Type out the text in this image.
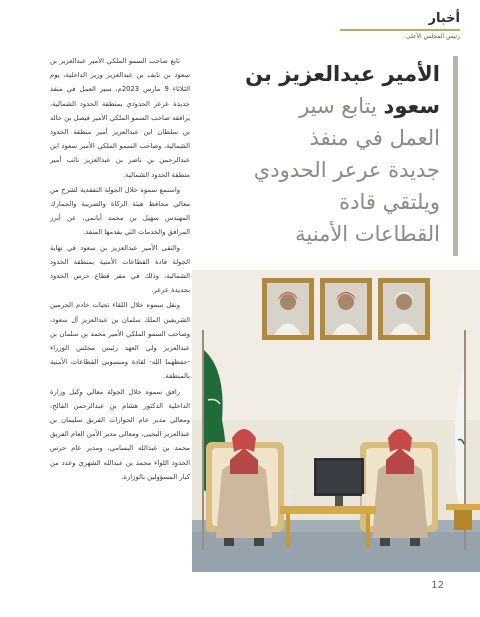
أخبار
رئيس المجلس الأعلى
الأمير عبدالعزيز بن
سعود يتابع سير
العمل في منفذ
جديدة عرعر الحدودي
ويلتقي قادة
القطاعات الأمنية

تابع صاحب السمو الملكي الأمير عبدالعزيز بن سعود بن نايف بن عبدالعزيز وزير الداخلية، يوم الثلاثاء 9 مارس 2023م، سير العمل في منفذ جديدة عرعر الحدودي بمنطقة الحدود الشمالية، يرافقه صاحب السمو الملكي الأمير فيصل بن خالد بن سلطان ابن عبدالعزيز أمير منطقة الحدود الشمالية، وصاحب السمو الملكي الأمير سعود ابن عبدالرحمن بن ناصر بن عبدالعزيز نائب أمير منطقة الحدود الشمالية.

واستمع سموه خلال الجولة التفقدية لشرح من معالي محافظ هيئة الزكاة والضريبة والجمارك المهندس سهيل بن محمد أبانمي، عن أبرز المرافق والخدمات التي يقدمها المنفذ.

والتقى الأمير عبدالعزيز بن سعود في نهاية الجولة قادة القطاعات الأمنية بمنطقة الحدود الشمالية، وذلك في مقر قطاع حرس الحدود بجديدة عرعر.

ونقل سموه خلال اللقاء تحيات خادم الحرمين الشريفين الملك سلمان بن عبدالعزيز آل سعود، وصاحب السمو الملكي الأمير محمد بن سلمان بن عبدالعزيز ولي العهد رئيس مجلس الوزراء -حفظهما الله- لقادة ومنسوبي القطاعات الأمنية بالمنطقة.

رافق سموه خلال الجولة معالي وكيل وزارة الداخلية الدكتور هشام بن عبدالرحمن الفالح، ومعالي مدير عام الجوازات الفريق سليمان بن عبدالعزيز اليحيى، ومعالي مدير الأمن العام الفريق محمد بن عبدالله البسامي، ومدير عام حرس الحدود اللواء محمد بن عبدالله الشهري وعدد من كبار المسؤولين بالوزارة.

12
